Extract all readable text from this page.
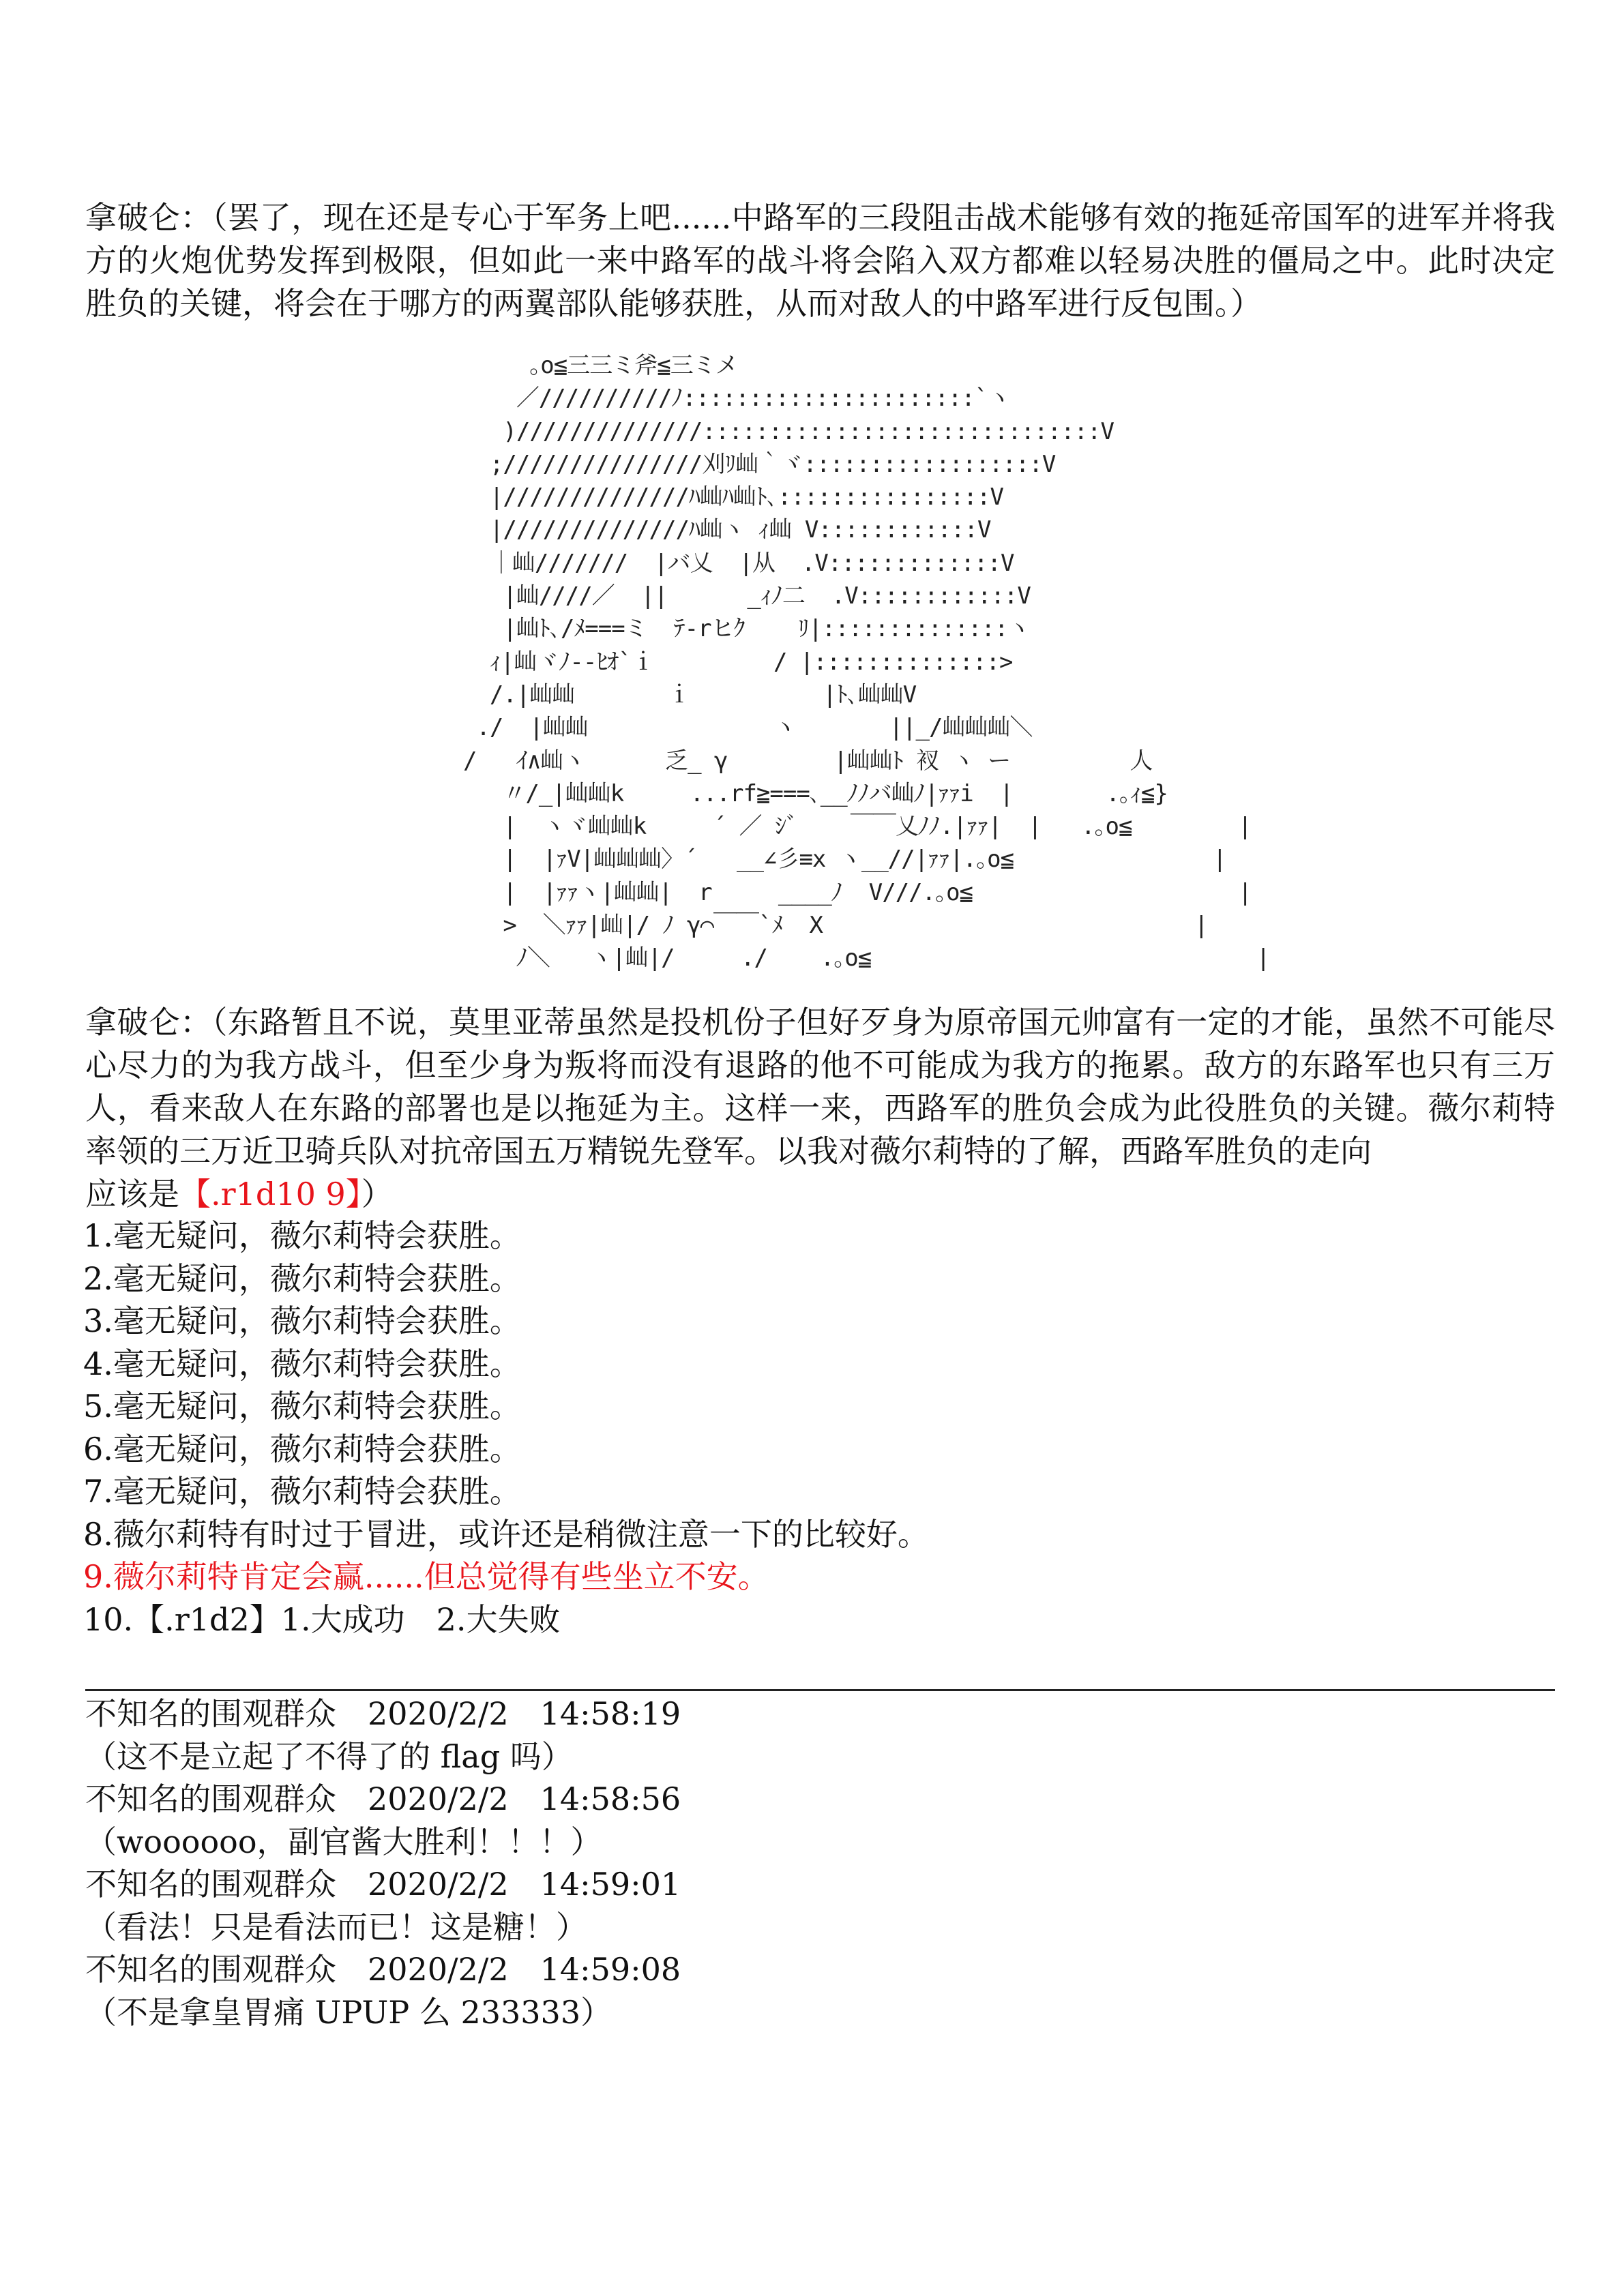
拿破仑：（罢了，现在还是专心于军务上吧......中路军的三段阻击战术能够有效的拖延帝国军的进军并将我方的火炮优势发挥到极限，但如此一来中路军的战斗将会陷入双方都难以轻易决胜的僵局之中。此时决定胜负的关键，将会在于哪方的两翼部队能够获胜，从而对敌人的中路军进行反包围。）
｡o≦三三ミ斧≦三ミメ
／//////////ﾉ::::::::::::::::::::::`ヽ
)//////////////::::::::::::::::::::::::::::::V
;///////////////刈ﾘ屾｀ヾ::::::::::::::::::V
|//////////////ﾊ屾ﾊ屾ﾄ､::::::::::::::::V
|//////////////ﾊ屾ヽ ｨ屾 V::::::::::::V
｜屾///////  |バ乂  |从  .V:::::::::::::V
|屾////／  ||      _ｨﾉ二  .V::::::::::::V
|屾ﾄ､/ﾒ===ミ  ﾃ-rヒｸ    ﾘ|::::::::::::::ヽ
ｨ|屾ヾﾉ--ﾋｵ`ｉ         / |::::::::::::::>
/.|屾屾       ｉ          |ﾄ､屾屾V
./  |屾屾              ヽ       ||_/屾屾屾＼
/   ｲ∧屾ヽ      乏_ γ        |屾屾ﾄ 衩 ヽ ー         人
〃/_|屾屾k     ...rf≧===､__ﾉﾉバ屾ﾉ|ｧｧi  |       .｡ｨ≦}
|  ヽヾ屾屾k     ´ ／ ｼﾞ    ￣￣乂ﾉﾉ.|ｧｧ|  |   .｡o≦        |
|  |ｧV|屾屾屾〉´   __∠彡≡x ヽ__//|ｧｧ|.｡o≦               |
|  |ｧｧヽ|屾屾|  r     ____ﾉ  V///.｡o≦                    |
>  ＼ｧｧ|屾|/ ﾉ γ⌒￣￣`ﾒ  X                            |
ﾉ＼   ヽ|屾|/     ./    .｡o≦                             |
拿破仑：（东路暂且不说，莫里亚蒂虽然是投机份子但好歹身为原帝国元帅富有一定的才能，虽然不可能尽心尽力的为我方战斗，但至少身为叛将而没有退路的他不可能成为我方的拖累。敌方的东路军也只有三万人，看来敌人在东路的部署也是以拖延为主。这样一来，西路军的胜负会成为此役胜负的关键。薇尔莉特率领的三万近卫骑兵队对抗帝国五万精锐先登军。以我对薇尔莉特的了解，西路军胜负的走向
应该是【.r1d10 9】）
1.毫无疑问，薇尔莉特会获胜。
2.毫无疑问，薇尔莉特会获胜。
3.毫无疑问，薇尔莉特会获胜。
4.毫无疑问，薇尔莉特会获胜。
5.毫无疑问，薇尔莉特会获胜。
6.毫无疑问，薇尔莉特会获胜。
7.毫无疑问，薇尔莉特会获胜。
8.薇尔莉特有时过于冒进，或许还是稍微注意一下的比较好。
9.薇尔莉特肯定会赢......但总觉得有些坐立不安。
10.【.r1d2】1.大成功　2.大失败
不知名的围观群众　2020/2/2　14:58:19
（这不是立起了不得了的 flag 吗）
不知名的围观群众　2020/2/2　14:58:56
（woooooo，副官酱大胜利！！！）
不知名的围观群众　2020/2/2　14:59:01
（看法！只是看法而已！这是糖！）
不知名的围观群众　2020/2/2　14:59:08
（不是拿皇胃痛 UPUP 么 233333）
